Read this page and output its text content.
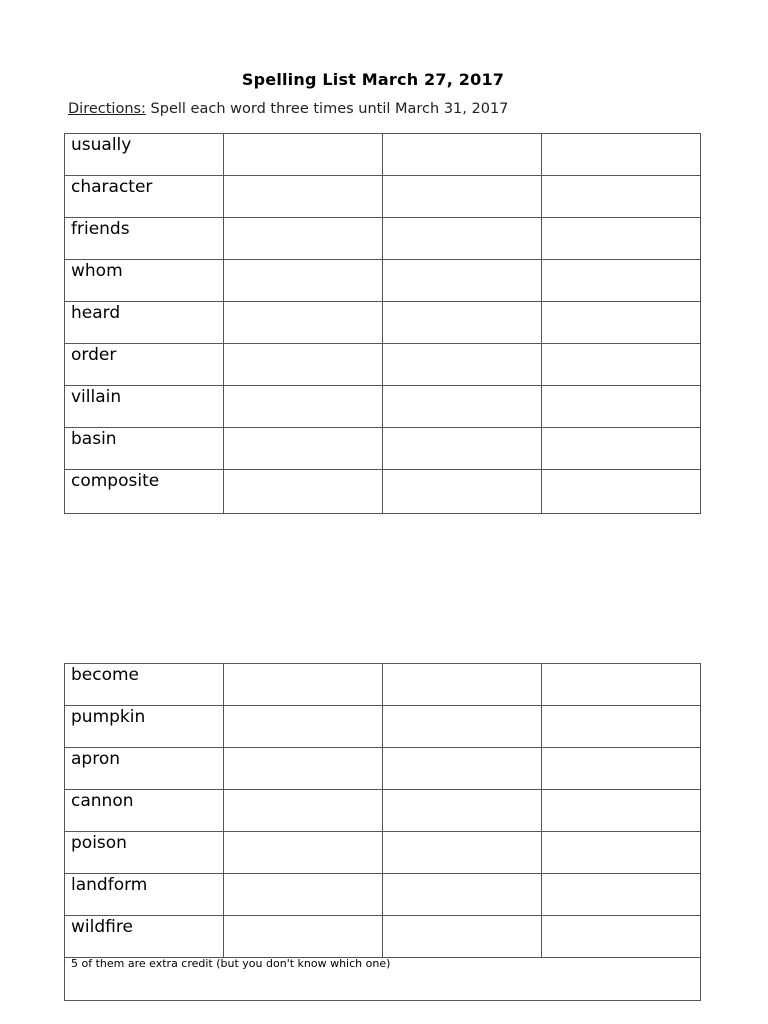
Spelling List March 27, 2017
Directions: Spell each word three times until March 31, 2017
usually			
character			
friends			
whom			
heard			
order			
villain			
basin			
composite			
become			
pumpkin			
apron			
cannon			
poison			
landform			
wildfire			
5 of them are extra credit (but you don't know which one)			
